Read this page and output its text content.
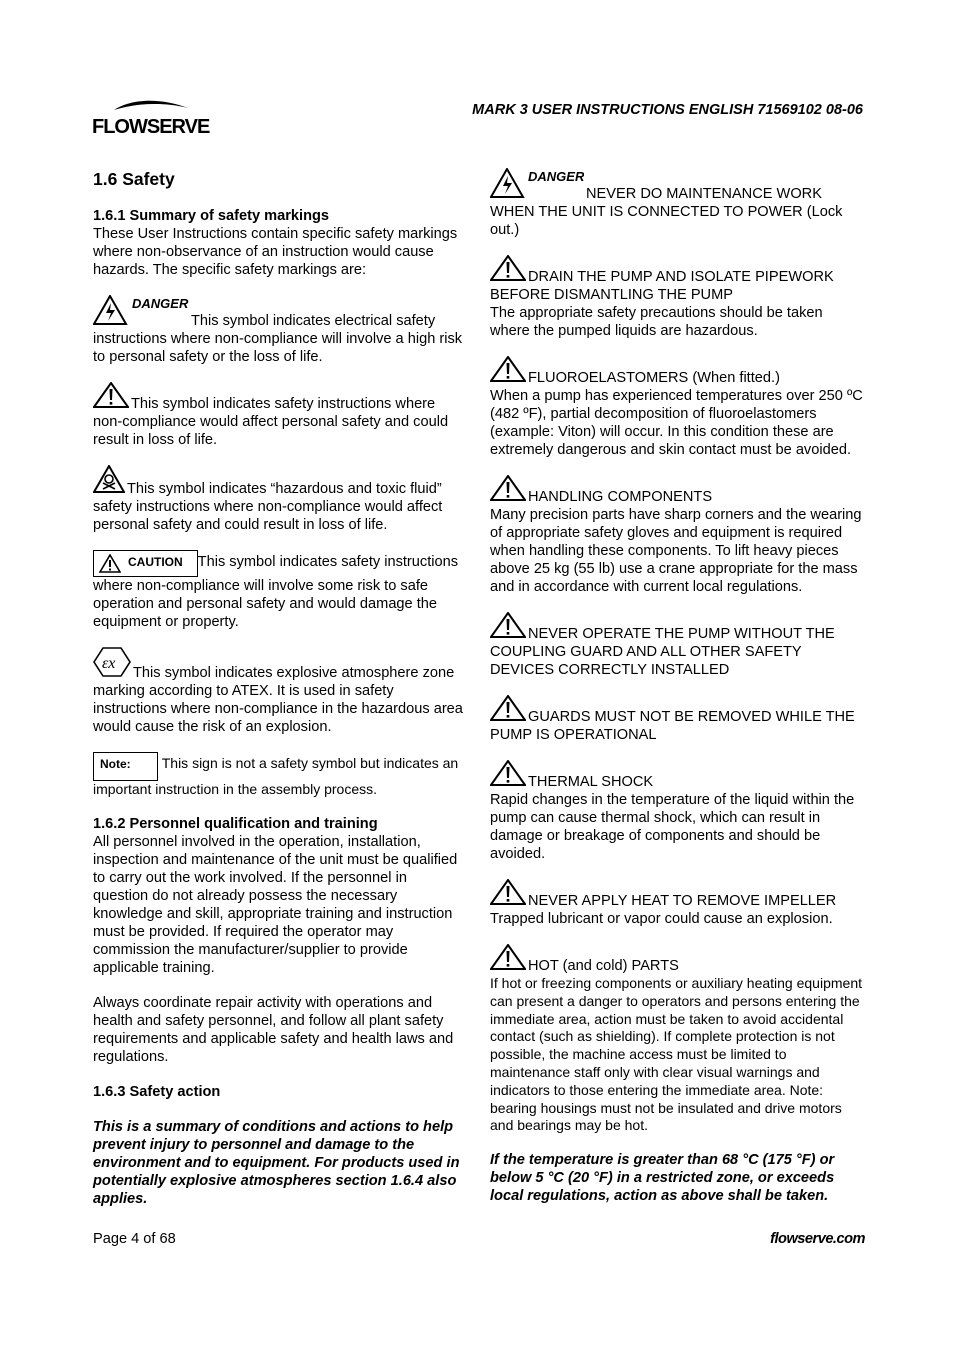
FLOWSERVE
MARK 3 USER INSTRUCTIONS ENGLISH 71569102 08-06
1.6 Safety
1.6.1 Summary of safety markings

These User Instructions contain specific safety markings where non-observance of an instruction would cause hazards. The specific safety markings are:

DANGER
This symbol indicates electrical safety instructions where non-compliance will involve a high risk to personal safety or the loss of life.

This symbol indicates safety instructions where non-compliance would affect personal safety and could result in loss of life.

This symbol indicates “hazardous and toxic fluid” safety instructions where non-compliance would affect personal safety and could result in loss of life.

CAUTION This symbol indicates safety instructions where non-compliance will involve some risk to safe operation and personal safety and would damage the equipment or property.

εx
This symbol indicates explosive atmosphere zone marking according to ATEX. It is used in safety instructions where non-compliance in the hazardous area would cause the risk of an explosion.

Note: This sign is not a safety symbol but indicates an important instruction in the assembly process.

1.6.2 Personnel qualification and training

All personnel involved in the operation, installation, inspection and maintenance of the unit must be qualified to carry out the work involved. If the personnel in question do not already possess the necessary knowledge and skill, appropriate training and instruction must be provided. If required the operator may commission the manufacturer/supplier to provide applicable training.

Always coordinate repair activity with operations and health and safety personnel, and follow all plant safety requirements and applicable safety and health laws and regulations.

1.6.3 Safety action

This is a summary of conditions and actions to help prevent injury to personnel and damage to the environment and to equipment. For products used in potentially explosive atmospheres section 1.6.4 also applies.

DANGER
NEVER DO MAINTENANCE WORK WHEN THE UNIT IS CONNECTED TO POWER (Lock out.)

DRAIN THE PUMP AND ISOLATE PIPEWORK BEFORE DISMANTLING THE PUMP

The appropriate safety precautions should be taken where the pumped liquids are hazardous.

FLUOROELASTOMERS (When fitted.)

When a pump has experienced temperatures over 250 ºC (482 ºF), partial decomposition of fluoroelastomers (example: Viton) will occur. In this condition these are extremely dangerous and skin contact must be avoided.

HANDLING COMPONENTS

Many precision parts have sharp corners and the wearing of appropriate safety gloves and equipment is required when handling these components. To lift heavy pieces above 25 kg (55 lb) use a crane appropriate for the mass and in accordance with current local regulations.

NEVER OPERATE THE PUMP WITHOUT THE COUPLING GUARD AND ALL OTHER SAFETY DEVICES CORRECTLY INSTALLED

GUARDS MUST NOT BE REMOVED WHILE THE PUMP IS OPERATIONAL

THERMAL SHOCK

Rapid changes in the temperature of the liquid within the pump can cause thermal shock, which can result in damage or breakage of components and should be avoided.

NEVER APPLY HEAT TO REMOVE IMPELLER

Trapped lubricant or vapor could cause an explosion.

HOT (and cold) PARTS

If hot or freezing components or auxiliary heating equipment can present a danger to operators and persons entering the immediate area, action must be taken to avoid accidental contact (such as shielding). If complete protection is not possible, the machine access must be limited to maintenance staff only with clear visual warnings and indicators to those entering the immediate area. Note: bearing housings must not be insulated and drive motors and bearings may be hot.

If the temperature is greater than 68 °C (175 °F) or below 5 °C (20 °F) in a restricted zone, or exceeds local regulations, action as above shall be taken.

Page 4 of 68	flowserve.com
